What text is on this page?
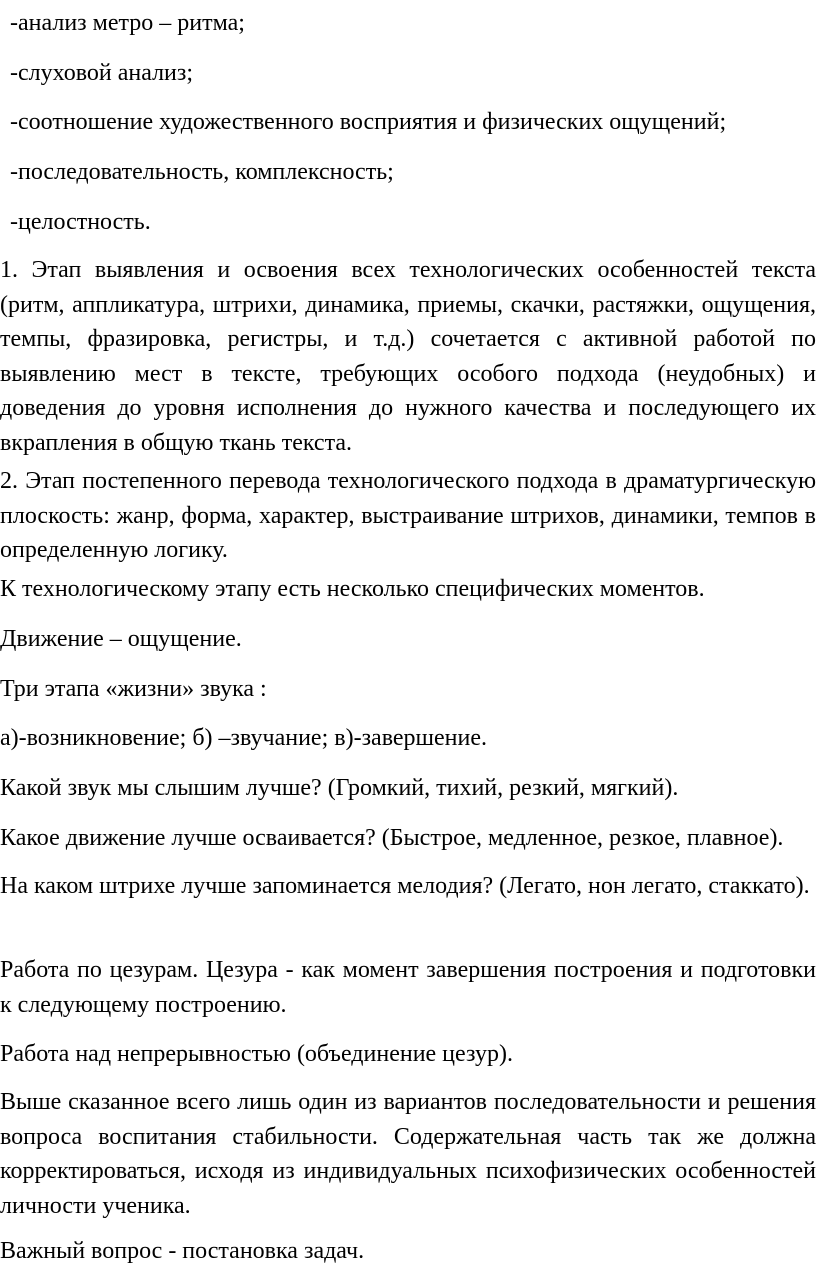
-анализ метро – ритма;

-слуховой анализ;

-соотношение художественного восприятия и физических ощущений;

-последовательность, комплексность;

-целостность.

1. Этап выявления и освоения всех технологических особенностей текста (ритм, аппликатура, штрихи, динамика, приемы, скачки, растяжки, ощущения, темпы, фразировка, регистры, и т.д.) сочетается с активной работой по выявлению мест в тексте, требующих особого подхода (неудобных) и доведения до уровня исполнения до нужного качества и последующего их вкрапления в общую ткань текста.

2. Этап постепенного перевода технологического подхода в драматургическую плоскость: жанр, форма, характер, выстраивание штрихов, динамики, темпов в определенную логику.

К технологическому этапу есть несколько специфических моментов.

Движение – ощущение.

Три этапа «жизни» звука :

а)-возникновение; б) –звучание; в)-завершение.

Какой звук мы слышим лучше? (Громкий, тихий, резкий, мягкий).

Какое движение лучше осваивается? (Быстрое, медленное, резкое, плавное).

На каком штрихе лучше запоминается мелодия? (Легато, нон легато, стаккато).

Работа по цезурам. Цезура - как момент завершения построения и подготовки к следующему построению.

Работа над непрерывностью (объединение цезур).

Выше сказанное всего лишь один из вариантов последовательности и решения вопроса воспитания стабильности. Содержательная часть так же должна корректироваться, исходя из индивидуальных психофизических особенностей личности ученика.

Важный вопрос - постановка задач.
